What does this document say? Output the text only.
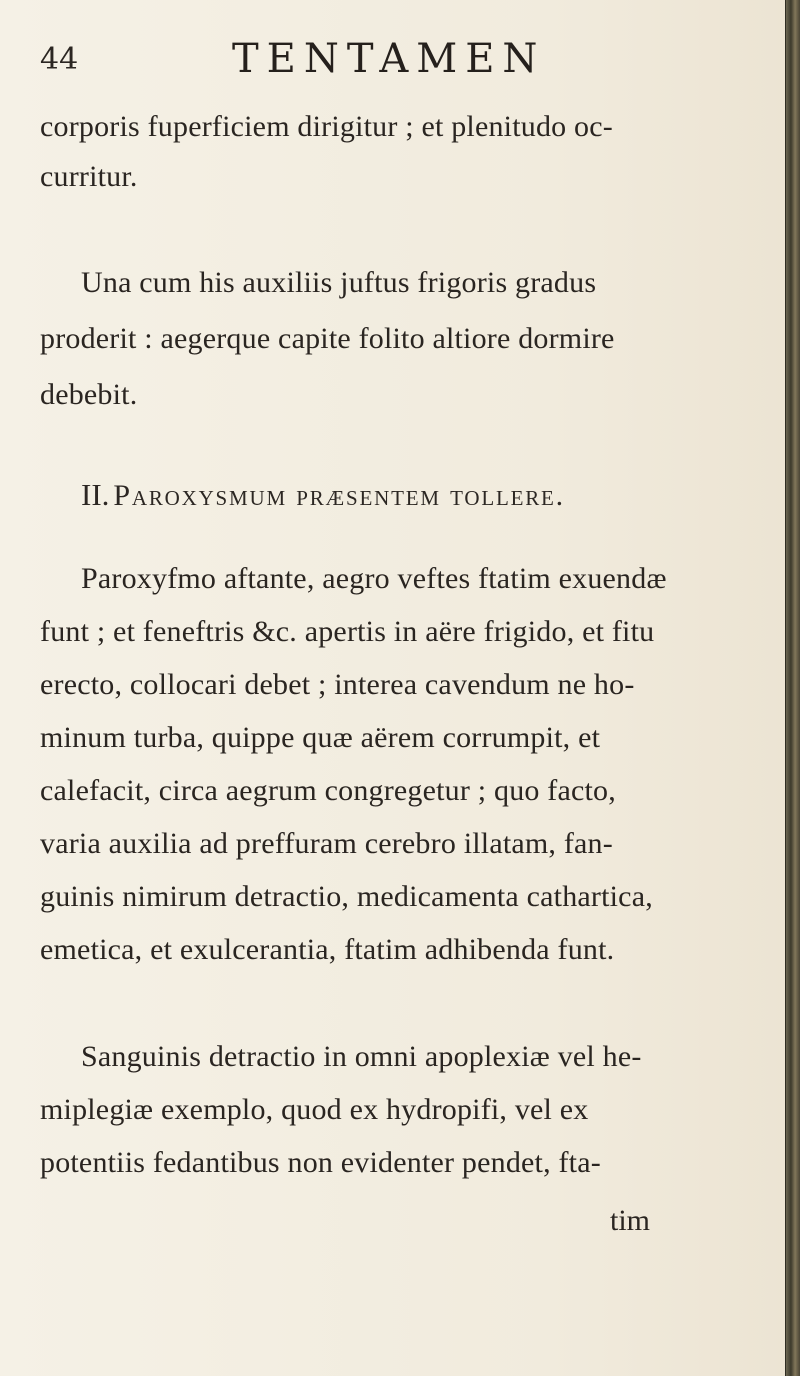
44	TENTAMEN
corporis fuperficiem dirigitur ; et plenitudo oc-
curritur.
Una cum his auxiliis juftus frigoris gradus
proderit : aegerque capite folito altiore dormire
debebit.
II. Paroxysmum præsentem tollere.
Paroxyfmo aftante, aegro veftes ftatim exuendæ
funt ; et feneftris &c. apertis in aëre frigido, et fitu
erecto, collocari debet ; interea cavendum ne ho-
minum turba, quippe quæ aërem corrumpit, et
calefacit, circa aegrum congregetur ; quo facto,
varia auxilia ad preffuram cerebro illatam, fan-
guinis nimirum detractio, medicamenta cathartica,
emetica, et exulcerantia, ftatim adhibenda funt.
Sanguinis detractio in omni apoplexiæ vel he-
miplegiæ exemplo, quod ex hydropifi, vel ex
potentiis fedantibus non evidenter pendet, fta-
tim
